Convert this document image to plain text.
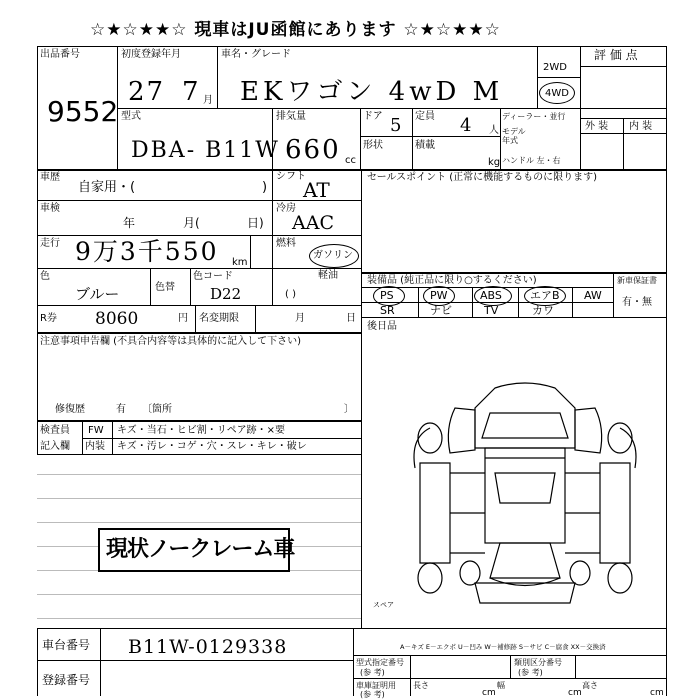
☆★☆★★☆ 現車はJU函館にあります ☆★☆★★☆
出品番号
9552
初度登録年月
27 7 月
車名・グレード
EKワゴン 4wD M
2WD
4WD
評 価 点
外 装 内 装
型式
DBA- B11W
排気量
660 cc
ドア 5 定員 4 人
形状	積載
kg
ディーラー・並行
モデル年式
ハンドル 左・右
車歴
自家用・(	)
車検
年	月(	日)
走行 9万3千550 km
色
ブルー	色替
色コード
D22
シフト
AT
冷房
AAC
燃料
ガソリン
軽油
( )
セールスポイント (正常に機能するものに限ります)
装備品 (純正品に限り○するください)	新車保証書
有・無
PS	PW	ABS	エアB AW
SR	ナビ	TV	カワ
後日品
R券 8060	円 名変期限	月	日
注意事項申告欄 (不具合内容等は具体的に記入して下さい)
修復歴	有 〔箇所	〕
検査員
記入欄
FW キズ・当石・ヒビ割・リペア跡・×要
内装 キズ・汚レ・コゲ・穴・スレ・キレ・破レ
現状ノークレーム車
スペア
車台番号 B11W-0129338
登録番号
A－キズ E－エクボ U－凹み W－補修跡 S－サビ C－腐食 XX－交換済
型式指定番号
(参 考)
類別区分番号
(参 考)
車庫証明用
(参 考)
長さ
cm
幅
cm
高さ
cm
